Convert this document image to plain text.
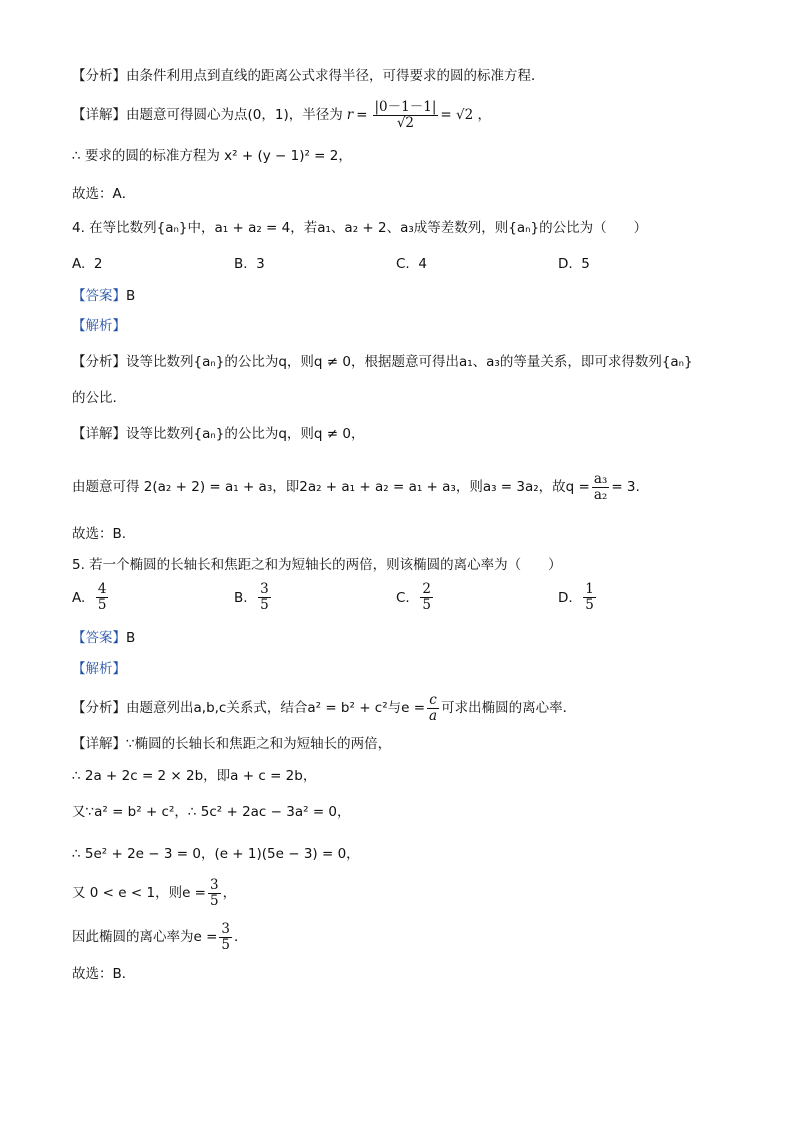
【分析】由条件利用点到直线的距离公式求得半径，可得要求的圆的标准方程．
【详解】 由题意可得圆心为点(0，1)，半径为 $r = \frac{|0-1-1|}{√2} = √2$ ，
∴ 要求的圆的标准方程为 x² + (y − 1)² = 2，
故选：A．
4. 在等比数列{aₙ}中，a₁ + a₂ = 4，若a₁、a₂ + 2、a₃成等差数列，则{aₙ}的公比为（　　）
A. 2	B. 3	C. 4	D. 5
【答案】B
【解析】
【分析】设等比数列{aₙ}的公比为q，则q ≠ 0，根据题意可得出a₁、a₃的等量关系，即可求得数列{aₙ}
的公比.
【详解】设等比数列{aₙ}的公比为q，则q ≠ 0，
由题意可得 2(a₂ + 2) = a₁ + a₃，即2a₂ + a₁ + a₂ = a₁ + a₃，则a₃ = 3a₂，故$q = \frac{\text{a₃}}{\text{a₂}} = 3$.
故选：B.
5. 若一个椭圆的长轴长和焦距之和为短轴长的两倍，则该椭圆的离心率为（　　）
A.
$\frac{4}{5}$	B.
$\frac{3}{5}$	C.
$\frac{2}{5}$	D.
$\frac{1}{5}$
【答案】B
【解析】
【分析】 由题意列出a,b,c关系式，结合a² = b² + c²与$e = \frac{c}{a}$ 可求出椭圆的离心率．
【详解】∵椭圆的长轴长和焦距之和为短轴长的两倍，
∴ 2a + 2c = 2 × 2b，即a + c = 2b，
又∵a² = b² + c²，∴ 5c² + 2ac − 3a² = 0，
∴ 5e² + 2e − 3 = 0，(e + 1)(5e − 3) = 0，
又 0 < e < 1，则$e = \frac{3}{5}$ ，
因此椭圆的离心率为$e = \frac{3}{5}$ ．
故选：B．
